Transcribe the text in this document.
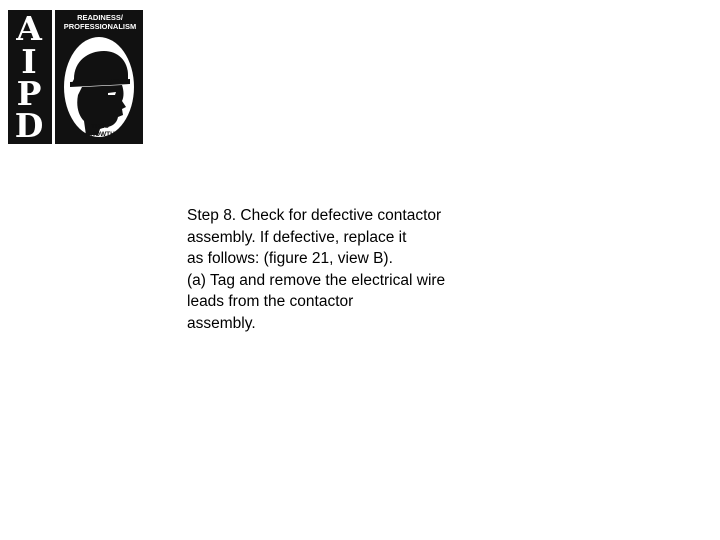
A
I
P
D
READINESS/
PROFESSIONALISM
THRU
GROWTH
Step 8. Check for defective contactor
assembly. If defective, replace it
as follows: (figure 21, view B).
(a) Tag and remove the electrical wire
leads from the contactor
assembly.
